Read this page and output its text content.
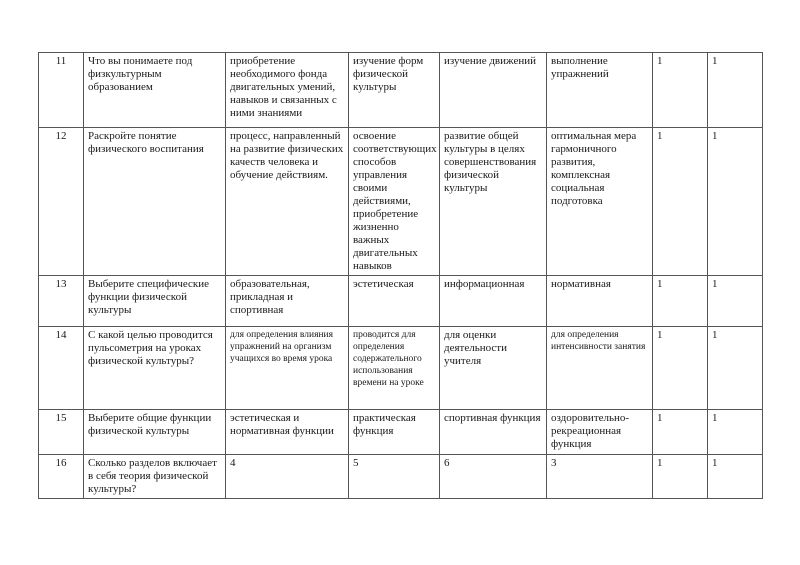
11	Что вы понимаете под физкультурным образованием	приобретение необходимого фонда двигательных умений, навыков и связанных с ними знаниями	изучение форм физической культуры	изучение движений	выполнение упражнений	1	1
12	Раскройте понятие физического воспитания	процесс, направленный на развитие физических качеств человека и обучение действиям.	освоение соответствующих способов управления своими действиями, приобретение жизненно важных двигательных навыков	развитие общей культуры в целях совершенствования физической культуры	оптимальная мера гармоничного развития, комплексная социальная подготовка	1	1
13	Выберите специфические функции физической культуры	образовательная, прикладная и спортивная	эстетическая	информационная	нормативная	1	1
14	С какой целью проводится пульсометрия на уроках физической культуры?	для определения влияния упражнений на организм учащихся во время урока	проводится для определения содержательного использования времени на уроке	для оценки деятельности учителя	для определения интенсивности занятия	1	1
15	Выберите общие функции физической культуры	эстетическая и нормативная функции	практическая функция	спортивная функция	оздоровительно-рекреационная функция	1	1
16	Сколько разделов включает в себя теория физической культуры?	4	5	6	3	1	1
